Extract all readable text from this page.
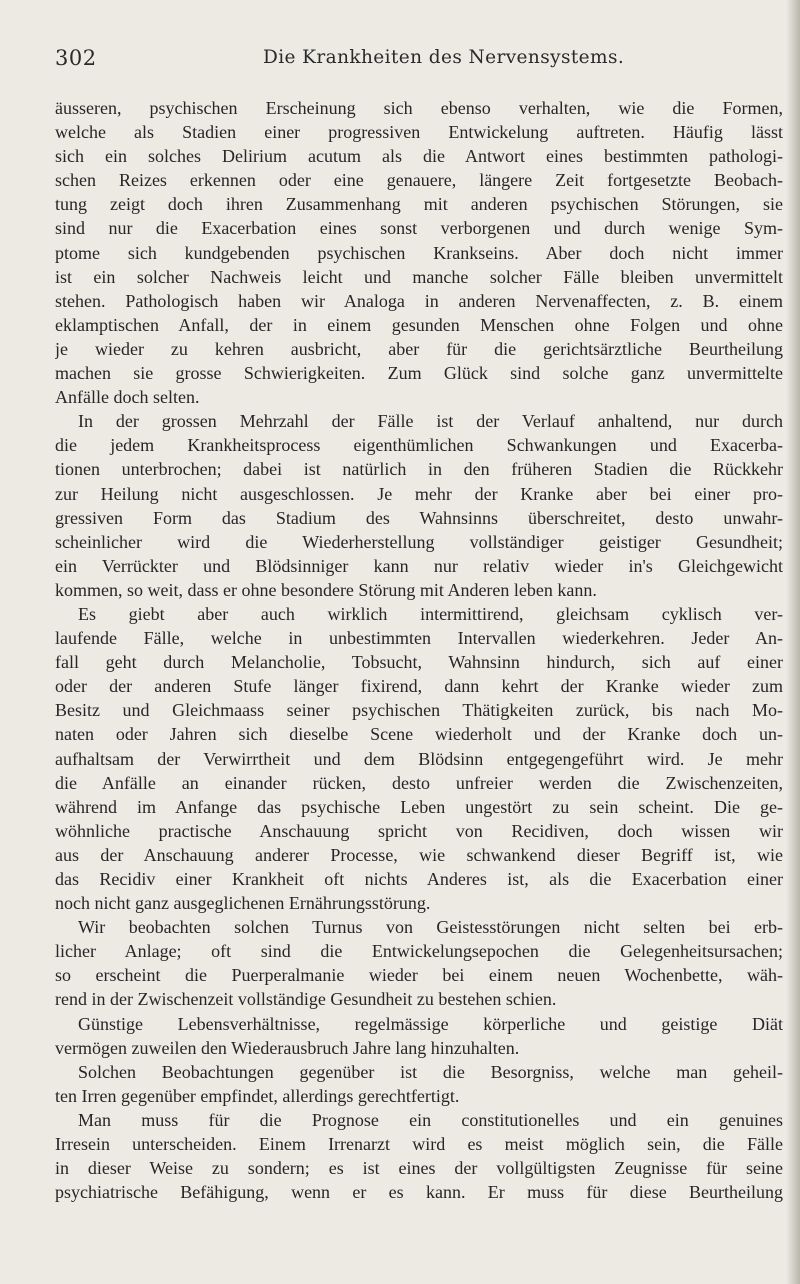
302	Die Krankheiten des Nervensystems.
äusseren, psychischen Erscheinung sich ebenso verhalten, wie die Formen,
welche als Stadien einer progressiven Entwickelung auftreten. Häufig lässt
sich ein solches Delirium acutum als die Antwort eines bestimmten pathologi-
schen Reizes erkennen oder eine genauere, längere Zeit fortgesetzte Beobach-
tung zeigt doch ihren Zusammenhang mit anderen psychischen Störungen, sie
sind nur die Exacerbation eines sonst verborgenen und durch wenige Sym-
ptome sich kundgebenden psychischen Krankseins. Aber doch nicht immer
ist ein solcher Nachweis leicht und manche solcher Fälle bleiben unvermittelt
stehen. Pathologisch haben wir Analoga in anderen Nervenaffecten, z. B. einem
eklamptischen Anfall, der in einem gesunden Menschen ohne Folgen und ohne
je wieder zu kehren ausbricht, aber für die gerichtsärztliche Beurtheilung
machen sie grosse Schwierigkeiten. Zum Glück sind solche ganz unvermittelte
Anfälle doch selten.
In der grossen Mehrzahl der Fälle ist der Verlauf anhaltend, nur durch
die jedem Krankheitsprocess eigenthümlichen Schwankungen und Exacerba-
tionen unterbrochen; dabei ist natürlich in den früheren Stadien die Rückkehr
zur Heilung nicht ausgeschlossen. Je mehr der Kranke aber bei einer pro-
gressiven Form das Stadium des Wahnsinns überschreitet, desto unwahr-
scheinlicher wird die Wiederherstellung vollständiger geistiger Gesundheit;
ein Verrückter und Blödsinniger kann nur relativ wieder in's Gleichgewicht
kommen, so weit, dass er ohne besondere Störung mit Anderen leben kann.
Es giebt aber auch wirklich intermittirend, gleichsam cyklisch ver-
laufende Fälle, welche in unbestimmten Intervallen wiederkehren. Jeder An-
fall geht durch Melancholie, Tobsucht, Wahnsinn hindurch, sich auf einer
oder der anderen Stufe länger fixirend, dann kehrt der Kranke wieder zum
Besitz und Gleichmaass seiner psychischen Thätigkeiten zurück, bis nach Mo-
naten oder Jahren sich dieselbe Scene wiederholt und der Kranke doch un-
aufhaltsam der Verwirrtheit und dem Blödsinn entgegengeführt wird. Je mehr
die Anfälle an einander rücken, desto unfreier werden die Zwischenzeiten,
während im Anfange das psychische Leben ungestört zu sein scheint. Die ge-
wöhnliche practische Anschauung spricht von Recidiven, doch wissen wir
aus der Anschauung anderer Processe, wie schwankend dieser Begriff ist, wie
das Recidiv einer Krankheit oft nichts Anderes ist, als die Exacerbation einer
noch nicht ganz ausgeglichenen Ernährungsstörung.
Wir beobachten solchen Turnus von Geistesstörungen nicht selten bei erb-
licher Anlage; oft sind die Entwickelungsepochen die Gelegenheitsursachen;
so erscheint die Puerperalmanie wieder bei einem neuen Wochenbette, wäh-
rend in der Zwischenzeit vollständige Gesundheit zu bestehen schien.
Günstige Lebensverhältnisse, regelmässige körperliche und geistige Diät
vermögen zuweilen den Wiederausbruch Jahre lang hinzuhalten.
Solchen Beobachtungen gegenüber ist die Besorgniss, welche man geheil-
ten Irren gegenüber empfindet, allerdings gerechtfertigt.
Man muss für die Prognose ein constitutionelles und ein genuines
Irresein unterscheiden. Einem Irrenarzt wird es meist möglich sein, die Fälle
in dieser Weise zu sondern; es ist eines der vollgültigsten Zeugnisse für seine
psychiatrische Befähigung, wenn er es kann. Er muss für diese Beurtheilung
